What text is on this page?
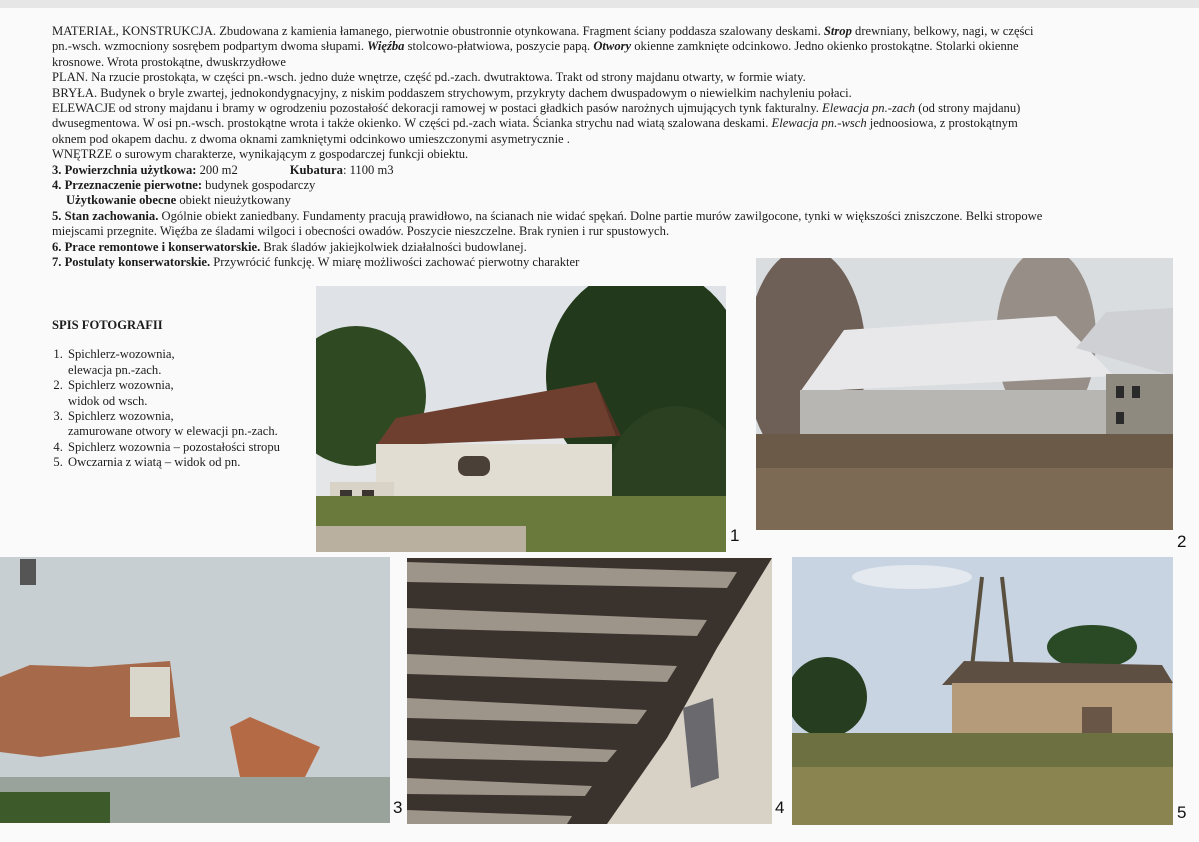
MATERIAŁ, KONSTRUKCJA. Zbudowana z kamienia łamanego, pierwotnie obustronnie otynkowana. Fragment ściany poddasza szalowany deskami. Strop drewniany, belkowy, nagi, w części pn.-wsch. wzmocniony sosrębem podpartym dwoma słupami. Więźba stolcowo-płatwiowa, poszycie papą. Otwory okienne zamknięte odcinkowo. Jedno okienko prostokątne. Stolarki okienne krosnowe. Wrota prostokątne, dwuskrzydłowe

PLAN. Na rzucie prostokąta, w części pn.-wsch. jedno duże wnętrze, część pd.-zach. dwutraktowa. Trakt od strony majdanu otwarty, w formie wiaty.

BRYŁA. Budynek o bryle zwartej, jednokondygnacyjny, z niskim poddaszem strychowym, przykryty dachem dwuspadowym o niewielkim nachyleniu połaci.

ELEWACJE od strony majdanu i bramy w ogrodzeniu pozostałość dekoracji ramowej w postaci gładkich pasów narożnych ujmujących tynk fakturalny. Elewacja pn.-zach (od strony majdanu) dwusegmentowa. W osi pn.-wsch. prostokątne wrota i także okienko. W części pd.-zach wiata. Ścianka strychu nad wiatą szalowana deskami. Elewacja pn.-wsch jednoosiowa, z prostokątnym oknem pod okapem dachu. z dwoma oknami zamkniętymi odcinkowo umieszczonymi asymetrycznie .

WNĘTRZE o surowym charakterze, wynikającym z gospodarczej funkcji obiektu.

3. Powierzchnia użytkowa: 200 m2	Kubatura: 1100 m3

4. Przeznaczenie pierwotne: budynek gospodarczy

Użytkowanie obecne obiekt nieużytkowany

5. Stan zachowania. Ogólnie obiekt zaniedbany. Fundamenty pracują prawidłowo, na ścianach nie widać spękań. Dolne partie murów zawilgocone, tynki w większości zniszczone. Belki stropowe miejscami przegnite. Więźba ze śladami wilgoci i obecności owadów. Poszycie nieszczelne. Brak rynien i rur spustowych.

6. Prace remontowe i konserwatorskie. Brak śladów jakiejkolwiek działalności budowlanej.

7. Postulaty konserwatorskie. Przywrócić funkcję. W miarę możliwości zachować pierwotny charakter

SPIS FOTOGRAFII
1. Spichlerz-wozownia,
elewacja pn.-zach.
2. Spichlerz wozownia,
widok od wsch.
3. Spichlerz wozownia,
zamurowane otwory w elewacji pn.-zach.
4. Spichlerz wozownia – pozostałości stropu
5. Owczarnia z wiatą – widok od pn.
1	2
3	4	5
